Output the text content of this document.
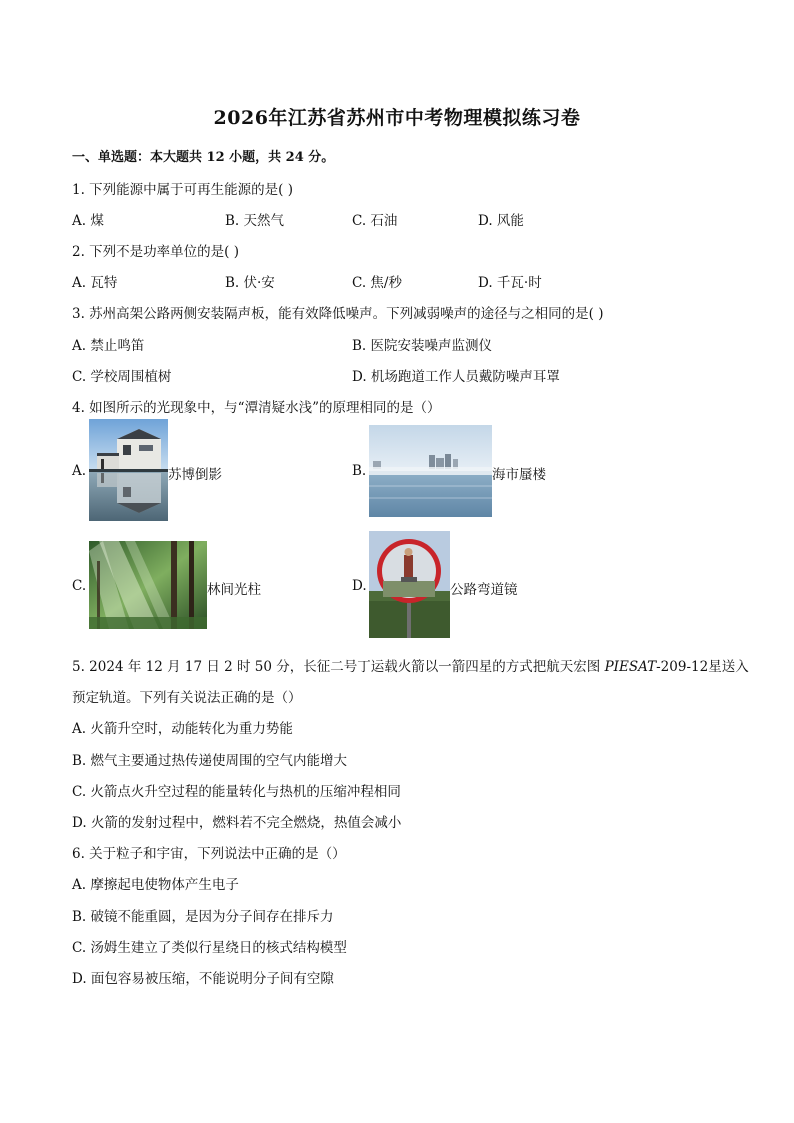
2026年江苏省苏州市中考物理模拟练习卷
一、单选题：本大题共 12 小题，共 24 分。
1. 下列能源中属于可再生能源的是( )
A. 煤	B. 天然气	C. 石油	D. 风能
2. 下列不是功率单位的是( )
A. 瓦特	B. 伏·安	C. 焦/秒	D. 千瓦·时
3. 苏州高架公路两侧安装隔声板，能有效降低噪声。下列减弱噪声的途径与之相同的是( )
A. 禁止鸣笛	B. 医院安装噪声监测仪
C. 学校周围植树	D. 机场跑道工作人员戴防噪声耳罩
4. 如图所示的光现象中，与“潭清疑水浅”的原理相同的是（）
A.	苏博倒影	B.	海市蜃楼
C.	林间光柱	D.	公路弯道镜
5. 2024 年 12 月 17 日 2 时 50 分，长征二号丁运载火箭以一箭四星的方式把航天宏图 PIESAT-209-12星送入
预定轨道。下列有关说法正确的是（）
A. 火箭升空时，动能转化为重力势能
B. 燃气主要通过热传递使周围的空气内能增大
C. 火箭点火升空过程的能量转化与热机的压缩冲程相同
D. 火箭的发射过程中，燃料若不完全燃烧，热值会减小
6. 关于粒子和宇宙，下列说法中正确的是（）
A. 摩擦起电使物体产生电子
B. 破镜不能重圆，是因为分子间存在排斥力
C. 汤姆生建立了类似行星绕日的核式结构模型
D. 面包容易被压缩，不能说明分子间有空隙
